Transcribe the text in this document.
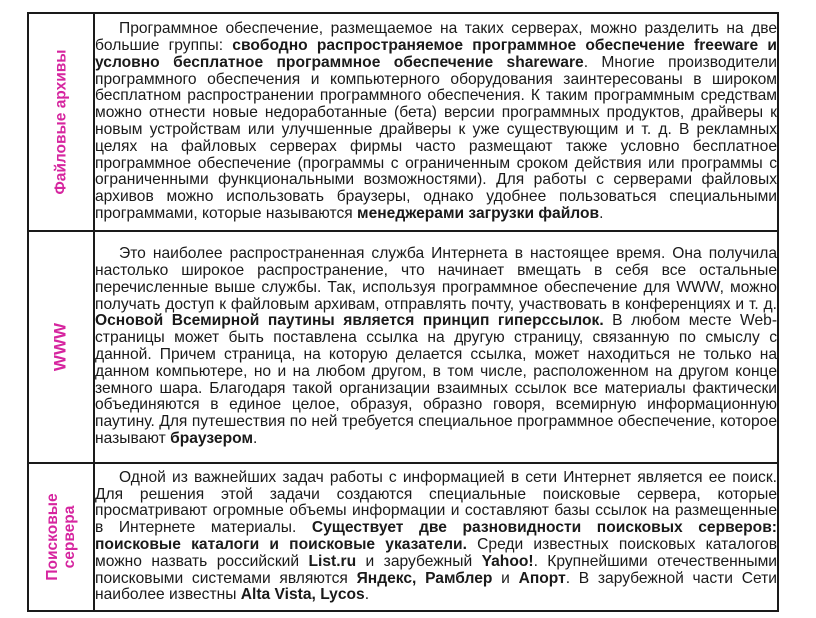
Файловые архивы	Программное обеспечение, размещаемое на таких серверах, можно разделить на две большие группы: свободно распространяемое программное обеспечение freeware и условно бесплатное программное обеспечение shareware. Многие производители программного обеспечения и компьютерного оборудования заинтересованы в широком бесплатном распространении программного обеспечения. К таким программным средствам можно отнести новые недоработанные (бета) версии программных продуктов, драйверы к новым устройствам или улучшенные драйверы к уже существующим и т. д. В рекламных целях на файловых серверах фирмы часто размещают также условно бесплатное программное обеспечение (программы с ограниченным сроком действия или программы с ограниченными функциональными возможностями). Для работы с серверами файловых архивов можно использовать браузеры, однако удобнее пользоваться специальными программами, которые называются менеджерами загрузки файлов.

WWW	Это наиболее распространенная служба Интернета в настоящее время. Она получила настолько широкое распространение, что начинает вмещать в себя все остальные перечисленные выше службы. Так, используя программное обеспечение для WWW, можно получать доступ к файловым архивам, отправлять почту, участвовать в конференциях и т. д. Основой Всемирной паутины является принцип гиперссылок. В любом месте Web-страницы может быть поставлена ссылка на другую страницу, связанную по смыслу с данной. Причем страница, на которую делается ссылка, может находиться не только на данном компьютере, но и на любом другом, в том числе, расположенном на другом конце земного шара. Благодаря такой организации взаимных ссылок все материалы фактически объединяются в единое целое, образуя, образно говоря, всемирную информационную паутину. Для путешествия по ней требуется специальное программное обеспечение, которое называют браузером.

Поисковые сервера	Одной из важнейших задач работы с информацией в сети Интернет является ее поиск. Для решения этой задачи создаются специальные поисковые сервера, которые просматривают огромные объемы информации и составляют базы ссылок на размещенные в Интернете материалы. Существует две разновидности поисковых серверов: поисковые каталоги и поисковые указатели. Среди известных поисковых каталогов можно назвать российский List.ru и зарубежный Yahoo!. Крупнейшими отечественными поисковыми системами являются Яндекс, Рамблер и Апорт. В зарубежной части Сети наиболее известны Alta Vista, Lycos.
